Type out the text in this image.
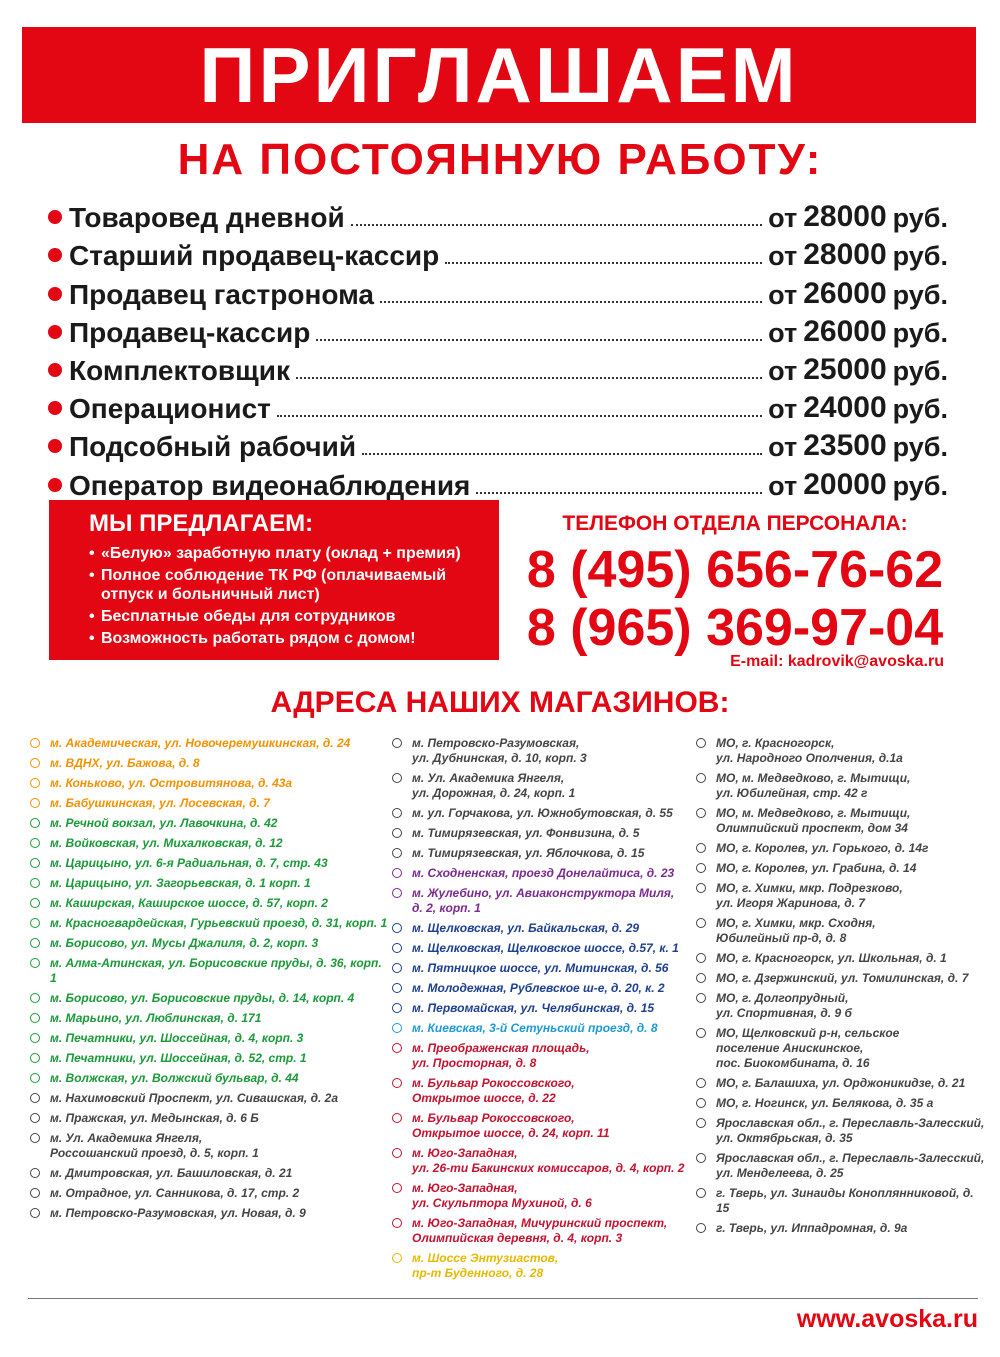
ПРИГЛАШАЕМ
НА ПОСТОЯННУЮ РАБОТУ:
Товаровед дневной	от 28000 руб.
Старший продавец-кассир	от 28000 руб.
Продавец гастронома	от 26000 руб.
Продавец-кассир	от 26000 руб.
Комплектовщик	от 25000 руб.
Операционист	от 24000 руб.
Подсобный рабочий	от 23500 руб.
Оператор видеонаблюдения	от 20000 руб.
МЫ ПРЕДЛАГАЕМ:
• «Белую» заработную плату (оклад + премия)
• Полное соблюдение ТК РФ (оплачиваемый отпуск и больничный лист)
• Бесплатные обеды для сотрудников
• Возможность работать рядом с домом!
ТЕЛЕФОН ОТДЕЛА ПЕРСОНАЛА:
8 (495) 656-76-62
8 (965) 369-97-04
E-mail: kadrovik@avoska.ru
АДРЕСА НАШИХ МАГАЗИНОВ:
м. Академическая, ул. Новочеремушкинская, д. 24
м. ВДНХ, ул. Бажова, д. 8
м. Коньково, ул. Островитянова, д. 43а
м. Бабушкинская, ул. Лосевская, д. 7
м. Речной вокзал, ул. Лавочкина, д. 42
м. Войковская, ул. Михалковская, д. 12
м. Царицыно, ул. 6-я Радиальная, д. 7, стр. 43
м. Царицыно, ул. Загорьевская, д. 1 корп. 1
м. Каширская, Каширское шоссе, д. 57, корп. 2
м. Красногвардейская, Гурьевский проезд, д. 31, корп. 1
м. Борисово, ул. Мусы Джалиля, д. 2, корп. 3
м. Алма-Атинская, ул. Борисовские пруды, д. 36, корп. 1
м. Борисово, ул. Борисовские пруды, д. 14, корп. 4
м. Марьино, ул. Люблинская, д. 171
м. Печатники, ул. Шоссейная, д. 4, корп. 3
м. Печатники, ул. Шоссейная, д. 52, стр. 1
м. Волжская, ул. Волжский бульвар, д. 44
м. Нахимовский Проспект, ул. Сивашская, д. 2а
м. Пражская, ул. Медынская, д. 6 Б
м. Ул. Академика Янгеля,
Россошанский проезд, д. 5, корп. 1
м. Дмитровская, ул. Башиловская, д. 21
м. Отрадное, ул. Санникова, д. 17, стр. 2
м. Петровско-Разумовская, ул. Новая, д. 9
м. Петровско-Разумовская,
ул. Дубнинская, д. 10, корп. 3
м. Ул. Академика Янгеля,
ул. Дорожная, д. 24, корп. 1
м. ул. Горчакова, ул. Южнобутовская, д. 55
м. Тимирязевская, ул. Фонвизина, д. 5
м. Тимирязевская, ул. Яблочкова, д. 15
м. Сходненская, проезд Донелайтиса, д. 23
м. Жулебино, ул. Авиаконструктора Миля,
д. 2, корп. 1
м. Щелковская, ул. Байкальская, д. 29
м. Щелковская, Щелковское шоссе, д.57, к. 1
м. Пятницкое шоссе, ул. Митинская, д. 56
м. Молодежная, Рублевское ш-е, д. 20, к. 2
м. Первомайская, ул. Челябинская, д. 15
м. Киевская, 3-й Сетуньский проезд, д. 8
м. Преображенская площадь,
ул. Просторная, д. 8
м. Бульвар Рокоссовского,
Открытое шоссе, д. 22
м. Бульвар Рокоссовского,
Открытое шоссе, д. 24, корп. 11
м. Юго-Западная,
ул. 26-ти Бакинских комиссаров, д. 4, корп. 2
м. Юго-Западная,
ул. Скульптора Мухиной, д. 6
м. Юго-Западная, Мичуринский проспект,
Олимпийская деревня, д. 4, корп. 3
м. Шоссе Энтузиастов,
пр-т Буденного, д. 28
МО, г. Красногорск,
ул. Народного Ополчения, д.1а
МО, м. Медведково, г. Мытищи,
ул. Юбилейная, стр. 42 г
МО, м. Медведково, г. Мытищи,
Олимпийский проспект, дом 34
МО, г. Королев, ул. Горького, д. 14г
МО, г. Королев, ул. Грабина, д. 14
МО, г. Химки, мкр. Подрезково,
ул. Игоря Жаринова, д. 7
МО, г. Химки, мкр. Сходня,
Юбилейный пр-д, д. 8
МО, г. Красногорск, ул. Школьная, д. 1
МО, г. Дзержинский, ул. Томилинская, д. 7
МО, г. Долгопрудный,
ул. Спортивная, д. 9 б
МО, Щелковский р-н, сельское
поселение Анискинское,
пос. Биокомбината, д. 16
МО, г. Балашиха, ул. Орджоникидзе, д. 21
МО, г. Ногинск, ул. Белякова, д. 35 а
Ярославская обл., г. Переславль-Залесский,
ул. Октябрьская, д. 35
Ярославская обл., г. Переславль-Залесский,
ул. Менделеева, д. 25
г. Тверь, ул. Зинаиды Коноплянниковой, д. 15
г. Тверь, ул. Иппадромная, д. 9а
www.avoska.ru
